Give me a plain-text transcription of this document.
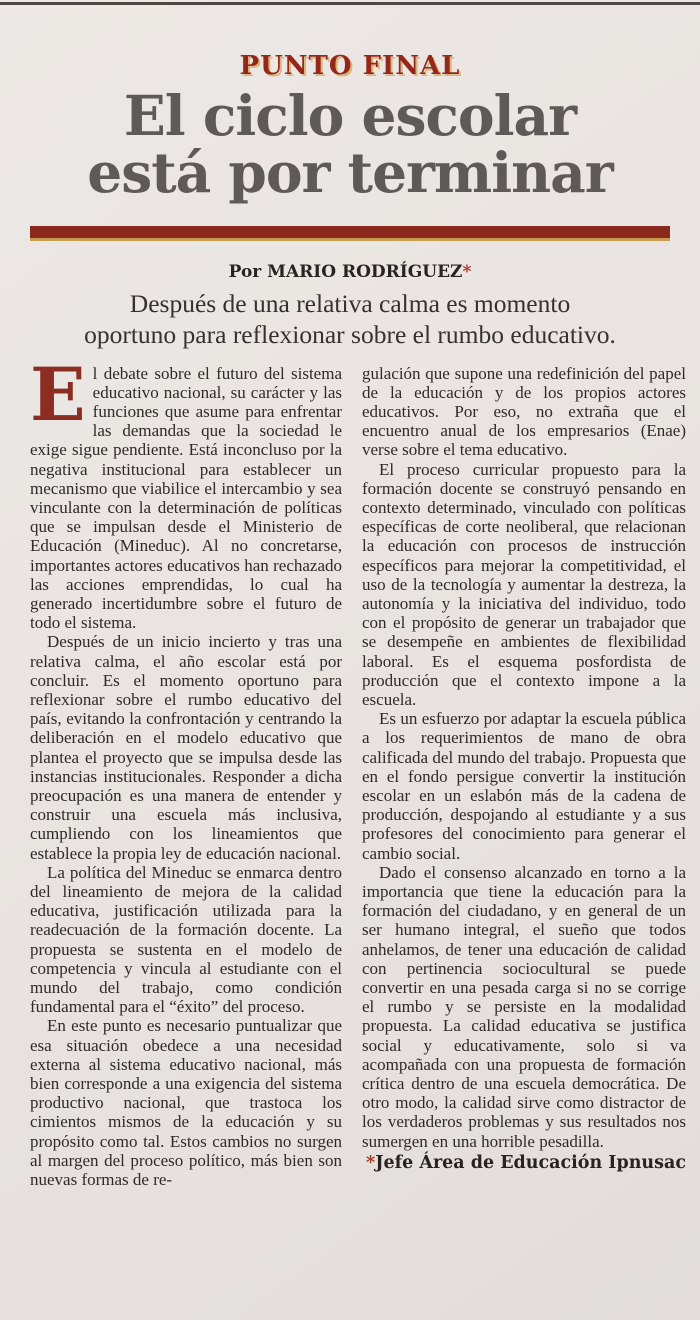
PUNTO FINAL
El ciclo escolar
está por terminar
Por MARIO RODRÍGUEZ*
Después de una relativa calma es momento
oportuno para reflexionar sobre el rumbo educativo.

El debate sobre el futuro del sistema educativo nacional, su carácter y las funciones que asume para enfrentar las demandas que la sociedad le exige sigue pendiente. Está inconcluso por la negativa institucional para establecer un mecanismo que viabilice el intercambio y sea vinculante con la determinación de políticas que se impulsan desde el Ministerio de Educación (Mineduc). Al no concretarse, importantes actores educativos han rechazado las acciones emprendidas, lo cual ha generado incertidumbre sobre el futuro de todo el sistema.

Después de un inicio incierto y tras una relativa calma, el año escolar está por concluir. Es el momento oportuno para reflexionar sobre el rumbo educativo del país, evitando la confrontación y centrando la deliberación en el modelo educativo que plantea el proyecto que se impulsa desde las instancias institucionales. Responder a dicha preocupación es una manera de entender y construir una escuela más inclusiva, cumpliendo con los lineamientos que establece la propia ley de educación nacional.

La política del Mineduc se enmarca dentro del lineamiento de mejora de la calidad educativa, justificación utilizada para la readecuación de la formación docente. La propuesta se sustenta en el modelo de competencia y vincula al estudiante con el mundo del trabajo, como condición fundamental para el “éxito” del proceso.

En este punto es necesario puntualizar que esa situación obedece a una necesidad externa al sistema educativo nacional, más bien corresponde a una exigencia del sistema productivo nacional, que trastoca los cimientos mismos de la educación y su propósito como tal. Estos cambios no surgen al margen del proceso político, más bien son nuevas formas de re-

gulación que supone una redefinición del papel de la educación y de los propios actores educativos. Por eso, no extraña que el encuentro anual de los empresarios (Enae) verse sobre el tema educativo.

El proceso curricular propuesto para la formación docente se construyó pensando en contexto determinado, vinculado con políticas específicas de corte neoliberal, que relacionan la educación con procesos de instrucción específicos para mejorar la competitividad, el uso de la tecnología y aumentar la destreza, la autonomía y la iniciativa del individuo, todo con el propósito de generar un trabajador que se desempeñe en ambientes de flexibilidad laboral. Es el esquema posfordista de producción que el contexto impone a la escuela.

Es un esfuerzo por adaptar la escuela pública a los requerimientos de mano de obra calificada del mundo del trabajo. Propuesta que en el fondo persigue convertir la institución escolar en un eslabón más de la cadena de producción, despojando al estudiante y a sus profesores del conocimiento para generar el cambio social.

Dado el consenso alcanzado en torno a la importancia que tiene la educación para la formación del ciudadano, y en general de un ser humano integral, el sueño que todos anhelamos, de tener una educación de calidad con pertinencia sociocultural se puede convertir en una pesada carga si no se corrige el rumbo y se persiste en la modalidad propuesta. La calidad educativa se justifica social y educativamente, solo si va acompañada con una propuesta de formación crítica dentro de una escuela democrática. De otro modo, la calidad sirve como distractor de los verdaderos problemas y sus resultados nos sumergen en una horrible pesadilla.

*Jefe Área de Educación Ipnusac
